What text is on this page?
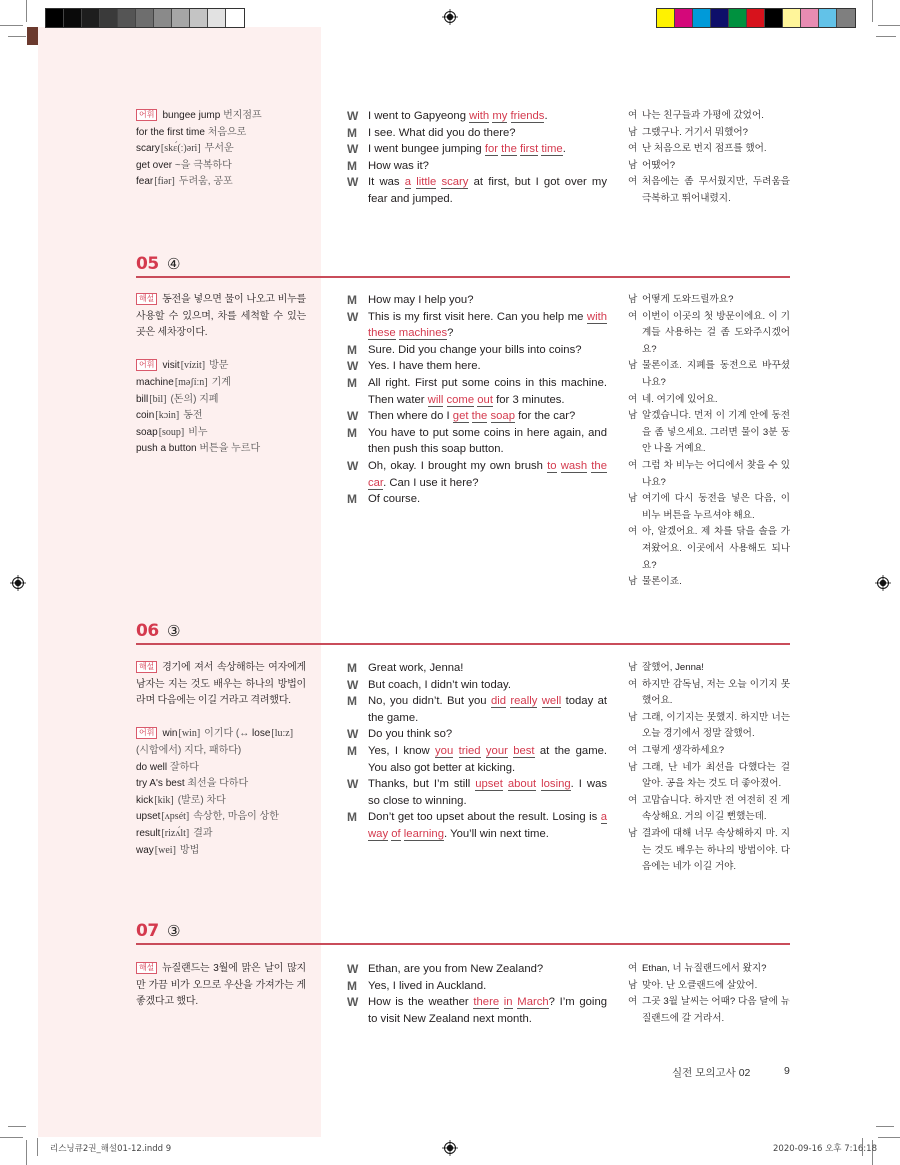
어휘 bungee jump 번지점프
for the first time 처음으로
scary[skɛ́(ː)əri] 무서운
get over ~을 극복하다
fear[fiər] 두려움, 공포
W I went to Gapyeong with my friends.
M I see. What did you do there?
W I went bungee jumping for the first time.
M How was it?
W It was a little scary at first, but I got over my fear and jumped.
여 나는 친구들과 가평에 갔었어.
남 그랬구나. 거기서 뭐했어?
여 난 처음으로 번지 점프를 했어.
남 어땠어?
여 처음에는 좀 무서웠지만, 두려움을 극복하고 뛰어내렸지.
05 ④
해설 동전을 넣으면 물이 나오고 비누를 사용할 수 있으며, 차를 세척할 수 있는 곳은 세차장이다.
어휘 visit[vízit] 방문
machine[məʃíːn] 기계
bill[bil] (돈의) 지폐
coin[kɔin] 동전
soap[soup] 비누
push a button 버튼을 누르다
M How may I help you?
W This is my first visit here. Can you help me with these machines?
M Sure. Did you change your bills into coins?
W Yes. I have them here.
M All right. First put some coins in this machine. Then water will come out for 3 minutes.
W Then where do I get the soap for the car?
M You have to put some coins in here again, and then push this soap button.
W Oh, okay. I brought my own brush to wash the car. Can I use it here?
M Of course.
남 어떻게 도와드릴까요?
여 이번이 이곳의 첫 방문이에요. 이 기계들 사용하는 걸 좀 도와주시겠어요?
남 물론이죠. 지폐를 동전으로 바꾸셨나요?
여 네. 여기에 있어요.
남 알겠습니다. 먼저 이 기계 안에 동전을 좀 넣으세요. 그러면 물이 3분 동안 나올 거예요.
여 그럼 차 비누는 어디에서 찾을 수 있나요?
남 여기에 다시 동전을 넣은 다음, 이 비누 버튼을 누르셔야 해요.
여 아, 알겠어요. 제 차를 닦을 솔을 가져왔어요. 이곳에서 사용해도 되나요?
남 물론이죠.
06 ③
해설 경기에 져서 속상해하는 여자에게 남자는 지는 것도 배우는 하나의 방법이라며 다음에는 이길 거라고 격려했다.
어휘 win[win] 이기다 (↔ lose[luːz]
(시합에서) 지다, 패하다)
do well 잘하다
try A's best 최선을 다하다
kick[kik] (발로) 차다
upset[ʌpsét] 속상한, 마음이 상한
result[rizʌ́lt] 결과
way[wei] 방법
M Great work, Jenna!
W But coach, I didn’t win today.
M No, you didn’t. But you did really well today at the game.
W Do you think so?
M Yes, I know you tried your best at the game. You also got better at kicking.
W Thanks, but I’m still upset about losing. I was so close to winning.
M Don’t get too upset about the result. Losing is a way of learning. You’ll win next time.
남 잘했어, Jenna!
여 하지만 감독님, 저는 오늘 이기지 못했어요.
남 그래, 이기지는 못했지. 하지만 너는 오늘 경기에서 정말 잘했어.
여 그렇게 생각하세요?
남 그래, 난 네가 최선을 다했다는 걸 알아. 공을 차는 것도 더 좋아졌어.
여 고맙습니다. 하지만 전 여전히 진 게 속상해요. 거의 이길 뻔했는데.
남 결과에 대해 너무 속상해하지 마. 지는 것도 배우는 하나의 방법이야. 다음에는 네가 이길 거야.
07 ③
해설 뉴질랜드는 3월에 맑은 날이 많지만 가끔 비가 오므로 우산을 가져가는 게 좋겠다고 했다.
W Ethan, are you from New Zealand?
M Yes, I lived in Auckland.
W How is the weather there in March? I’m going to visit New Zealand next month.
여 Ethan, 너 뉴질랜드에서 왔지?
남 맞아. 난 오클랜드에 살았어.
여 그곳 3월 날씨는 어때? 다음 달에 뉴질랜드에 갈 거라서.
실전 모의고사 02	9
리스닝큐2권_해설01-12.indd 9	2020-09-16 오후 7:16:18
